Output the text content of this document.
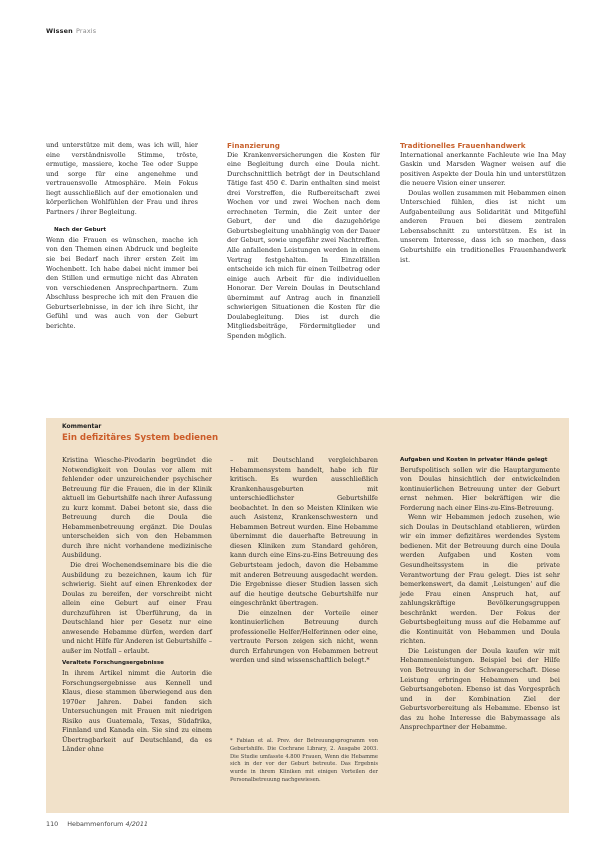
Wissen Praxis

und unterstütze mit dem, was ich will, hier eine verständnisvolle Stimme, tröste, ermutige, massiere, koche Tee oder Suppe und sorge für eine angenehme und vertrauensvolle Atmosphäre. Mein Fokus liegt ausschließlich auf der emotionalen und körperlichen Wohlfühlen der Frau und ihres Partners / ihrer Begleitung.

Nach der Geburt

Wenn die Frauen es wünschen, mache ich von den Themen einen Abdruck und begleite sie bei Bedarf nach ihrer ersten Zeit im Wochenbett. Ich habe dabei nicht immer bei den Stillen und ermutige nicht das Abraten von verschiedenen Ansprechpartnern. Zum Abschluss bespreche ich mit den Frauen die Geburtserlebnisse, in der ich ihre Sicht, ihr Gefühl und was auch von der Geburt berichte.

Finanzierung

Die Krankenversicherungen die Kosten für eine Begleitung durch eine Doula nicht. Durchschnittlich beträgt der in Deutschland Tätige fast 450 €. Darin enthalten sind meist drei Vorstreffen, die Rufbereitschaft zwei Wochen vor und zwei Wochen nach dem errechneten Termin, die Zeit unter der Geburt, der und die dazugehörige Geburtsbegleitung unabhängig von der Dauer der Geburt, sowie ungefähr zwei Nachtreffen. Alle anfallenden Leistungen werden in einem Vertrag festgehalten. In Einzelfällen entscheide ich mich für einen Teilbetrag oder einige auch Arbeit für die individuellen Honorar. Der Verein Doulas in Deutschland übernimmt auf Antrag auch in finanziell schwierigen Situationen die Kosten für die Doulabegleitung. Dies ist durch die Mitgliedsbeiträge, Fördermitglieder und Spenden möglich.

Traditionelles Frauenhandwerk

International anerkannte Fachleute wie Ina May Gaskin und Marsden Wagner weisen auf die positiven Aspekte der Doula hin und unterstützen die neuere Vision einer unserer.

Doulas wollen zusammen mit Hebammen einen Unterschied fühlen, dies ist nicht um Aufgabenteilung aus Solidarität und Mitgefühl anderen Frauen bei diesem zentralen Lebensabschnitt zu unterstützen. Es ist in unserem Interesse, dass ich so machen, dass Geburtshilfe ein traditionelles Frauenhandwerk ist.

Kommentar
Ein defizitäres System bedienen

Kristina Wiesche-Pivodarin begründet die Notwendigkeit von Doulas vor allem mit fehlender oder unzureichender psychischer Betreuung für die Frauen, die in der Klinik aktuell im Geburtshilfe nach ihrer Aufassung zu kurz kommt. Dabei betont sie, dass die Betreuung durch die Doula die Hebammenbetreuung ergänzt. Die Doulas unterscheiden sich von den Hebammen durch ihre nicht vorhandene medizinische Ausbildung.

Die drei Wochenendseminare bis die die Ausbildung zu bezeichnen, kaum ich für schwierig. Sieht auf einen Ehrenkodex der Doulas zu bereifen, der vorschreibt nicht allein eine Geburt auf einer Frau durchzuführen ist Überführung, da in Deutschland hier per Gesetz nur eine anwesende Hebamme dürfen, werden darf und nicht Hilfe für Anderen ist Geburtshilfe – außer im Notfall – erlaubt.

Veraltete Forschungsergebnisse

In ihrem Artikel nimmt die Autorin die Forschungsergebnisse aus Kennell und Klaus, diese stammen überwiegend aus den 1970er Jahren. Dabei fanden sich Untersuchungen mit Frauen mit niedrigen Risiko aus Guatemala, Texas, Südafrika, Finnland und Kanada ein. Sie sind zu einem Übertragbarkeit auf Deutschland, da es Länder ohne

– mit Deutschland vergleichbaren Hebammensystem handelt, habe ich für kritisch. Es wurden ausschließlich Krankenhausgeburten mit unterschiedlichster Geburtshilfe beobachtet. In den so Meisten Kliniken wie auch Asistenz, Krankenschwestern und Hebammen Betreut wurden. Eine Hebamme übernimmt die dauerhafte Betreuung in diesen Kliniken zum Standard gehören, kann durch eine Eins-zu-Eins Betreuung des Geburtsteam jedoch, davon die Hebamme mit anderen Betreuung ausgedacht werden. Die Ergebnisse dieser Studien lassen sich auf die heutige deutsche Geburtshilfe nur eingeschränkt übertragen.

Die einzelnen der Vorteile einer kontinuierlichen Betreuung durch professionelle Helfer/Helferinnen oder eine, vertraute Person zeigen sich nicht, wenn durch Erfahrungen von Hebammen betreut werden und sind wissenschaftlich belegt.*

* Fabian et al. Prev. der Betreuungsprogramm von Geburtshilfe. Die Cochrane Library, 2. Ausgabe 2003. Die Studie umfasste 4.800 Frauen, Wenn die Hebamme sich in der vor der Geburt betreute. Das Ergebnis wurde in ihrem Kliniken mit einigen Vorteilen der Personalbetreuung nachgewiesen.

Aufgaben und Kosten in privater Hände gelegt

Berufspolitisch sollen wir die Hauptargumente von Doulas hinsichtlich der entwickelnden kontinuierlichen Betreuung unter der Geburt ernst nehmen. Hier bekräftigen wir die Forderung nach einer Eins-zu-Eins-Betreuung.

Wenn wir Hebammen jedoch zusehen, wie sich Doulas in Deutschland etablieren, würden wir ein immer defizitäres werdendes System bedienen. Mit der Betreuung durch eine Doula werden Aufgaben und Kosten vom Gesundheitssystem in die private Verantwortung der Frau gelegt. Dies ist sehr bemerkenswert, da damit ‚Leistungen' auf die jede Frau einen Anspruch hat, auf zahlungskräftige Bevölkerungsgruppen beschränkt werden. Der Fokus der Geburtsbegleitung muss auf die Hebamme auf die Kontinuität von Hebammen und Doula richten.

Die Leistungen der Doula kaufen wir mit Hebammenleistungen. Beispiel bei der Hilfe von Betreuung in der Schwangerschaft. Diese Leistung erbringen Hebammen und bei Geburtsangeboten. Ebenso ist das Vorgespräch und in der Kombination Ziel der Geburtsvorbereitung als Hebamme. Ebenso ist das zu hohe Interesse die Babymassage als Ansprechpartner der Hebamme.

110 Hebammenforum 4/2011
